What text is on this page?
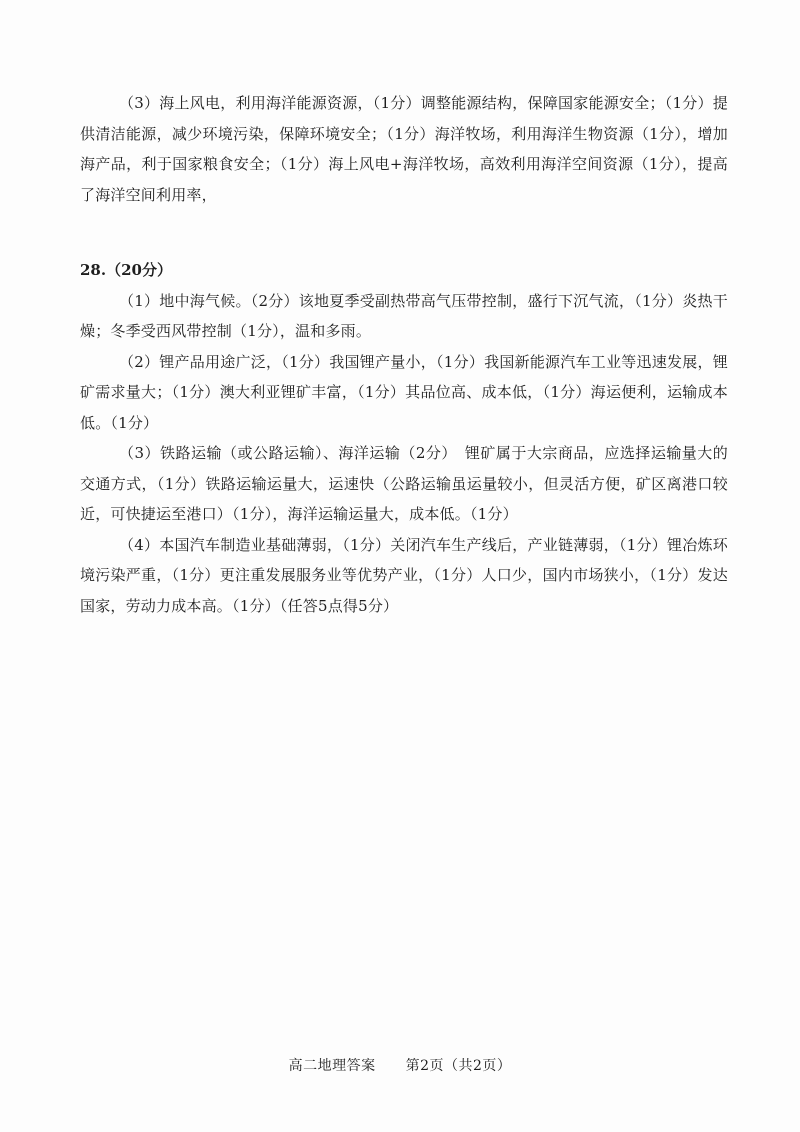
（3）海上风电，利用海洋能源资源，（1分）调整能源结构，保障国家能源安全；（1分）提供清洁能源，减少环境污染，保障环境安全；（1分）海洋牧场，利用海洋生物资源（1分），增加海产品，利于国家粮食安全；（1分）海上风电+海洋牧场，高效利用海洋空间资源（1分），提高了海洋空间利用率，

28.（20分）

（1）地中海气候。（2分）该地夏季受副热带高气压带控制，盛行下沉气流，（1分）炎热干燥；冬季受西风带控制（1分），温和多雨。

（2）锂产品用途广泛，（1分）我国锂产量小，（1分）我国新能源汽车工业等迅速发展，锂矿需求量大；（1分）澳大利亚锂矿丰富，（1分）其品位高、成本低，（1分）海运便利，运输成本低。（1分）

（3）铁路运输（或公路运输）、海洋运输（2分）　锂矿属于大宗商品，应选择运输量大的交通方式，（1分）铁路运输运量大，运速快（公路运输虽运量较小，但灵活方便，矿区离港口较近，可快捷运至港口）（1分），海洋运输运量大，成本低。（1分）

（4）本国汽车制造业基础薄弱，（1分）关闭汽车生产线后，产业链薄弱，（1分）锂冶炼环境污染严重，（1分）更注重发展服务业等优势产业，（1分）人口少，国内市场狭小，（1分）发达国家，劳动力成本高。（1分）（任答5点得5分）

高二地理答案 第2页（共2页）
